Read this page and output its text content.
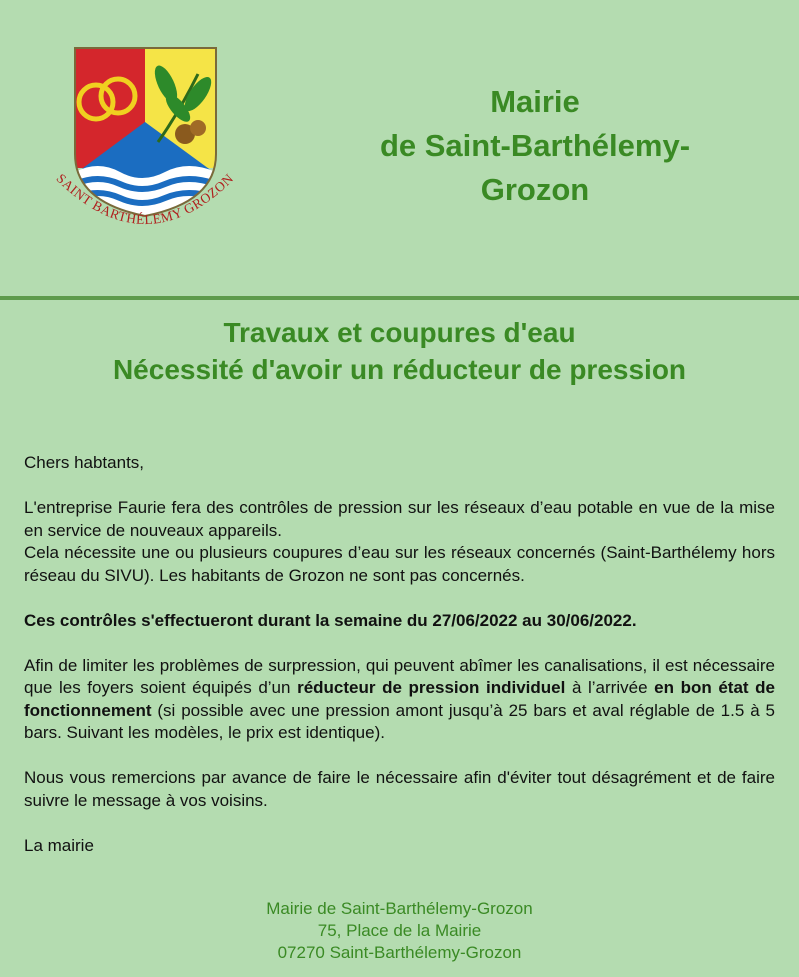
SAINT BARTHÉLEMY GROZON
Mairie
de Saint-Barthélemy-
Grozon
Travaux et coupures d'eau
Nécessité d'avoir un réducteur de pression

Chers habtants,

L'entreprise Faurie fera des contrôles de pression sur les réseaux d’eau potable en vue de la mise en service de nouveaux appareils.

Cela nécessite une ou plusieurs coupures d’eau sur les réseaux concernés (Saint-Barthélemy hors réseau du SIVU). Les habitants de Grozon ne sont pas concernés.

Ces contrôles s'effectueront durant la semaine du 27/06/2022 au 30/06/2022.

Afin de limiter les problèmes de surpression, qui peuvent abîmer les canalisations, il est nécessaire que les foyers soient équipés d’un réducteur de pression individuel à l’arrivée en bon état de fonctionnement (si possible avec une pression amont jusqu’à 25 bars et aval réglable de 1.5 à 5 bars. Suivant les modèles, le prix est identique).

Nous vous remercions par avance de faire le nécessaire afin d'éviter tout désagrément et de faire suivre le message à vos voisins.

La mairie

Mairie de Saint-Barthélemy-Grozon
75, Place de la Mairie
07270 Saint-Barthélemy-Grozon
